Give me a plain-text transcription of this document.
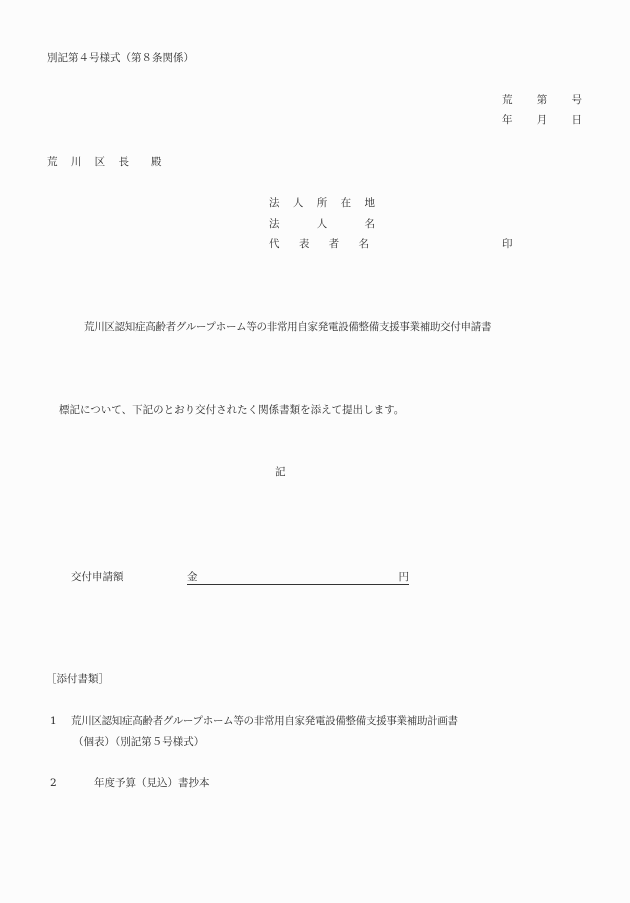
別記第４号様式（第８条関係）
荒 第 号
年 月 日
荒 川 区 長 殿
法 人 所 在 地
法	人	名
代 表 者 名	印
荒川区認知症高齢者グループホーム等の非常用自家発電設備整備支援事業補助交付申請書
標記について、下記のとおり交付されたく関係書類を添えて提出します。
記
交付申請額	金	円
［添付書類］
1 荒川区認知症高齢者グループホーム等の非常用自家発電設備整備支援事業補助計画書
（個表）（別記第５号様式）
2	年度予算（見込）書抄本
